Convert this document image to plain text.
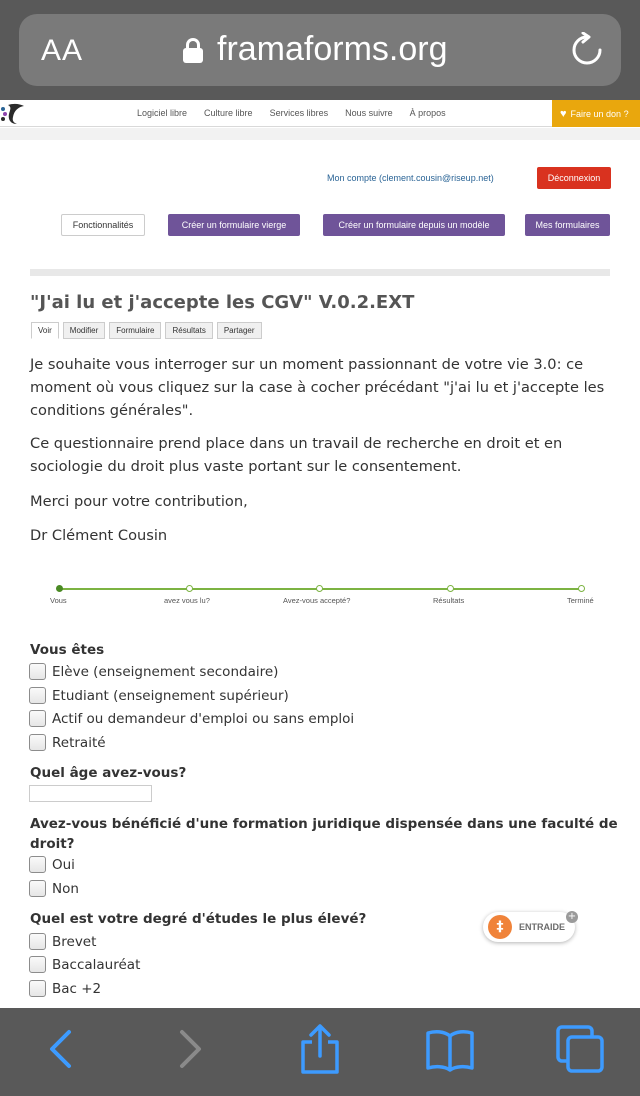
AA	framaforms.org
Logiciel libre Culture libre Services libres Nous suivre À propos	♥ Faire un don ?
Mon compte (clement.cousin@riseup.net)	Déconnexion
Fonctionnalités	Créer un formulaire vierge	Créer un formulaire depuis un modèle	Mes formulaires
"J'ai lu et j'accepte les CGV" V.0.2.EXT
Voir	Modifier	Formulaire	Résultats	Partager

Je souhaite vous interroger sur un moment passionnant de votre vie 3.0: ce moment où vous cliquez sur la case à cocher précédant "j'ai lu et j'accepte les conditions générales".

Ce questionnaire prend place dans un travail de recherche en droit et en sociologie du droit plus vaste portant sur le consentement.

Merci pour votre contribution,

Dr Clément Cousin

Vous	avez vous lu?	Avez-vous accepté?	Résultats	Terminé
Vous êtes
Elève (enseignement secondaire)
Etudiant (enseignement supérieur)
Actif ou demandeur d'emploi ou sans emploi
Retraité
Quel âge avez-vous?
Avez-vous bénéficié d'une formation juridique dispensée dans une faculté de droit?
Oui
Non
Quel est votre degré d'études le plus élevé?
Brevet
Baccalauréat
Bac +2
‡	ENTRAIDE
+
